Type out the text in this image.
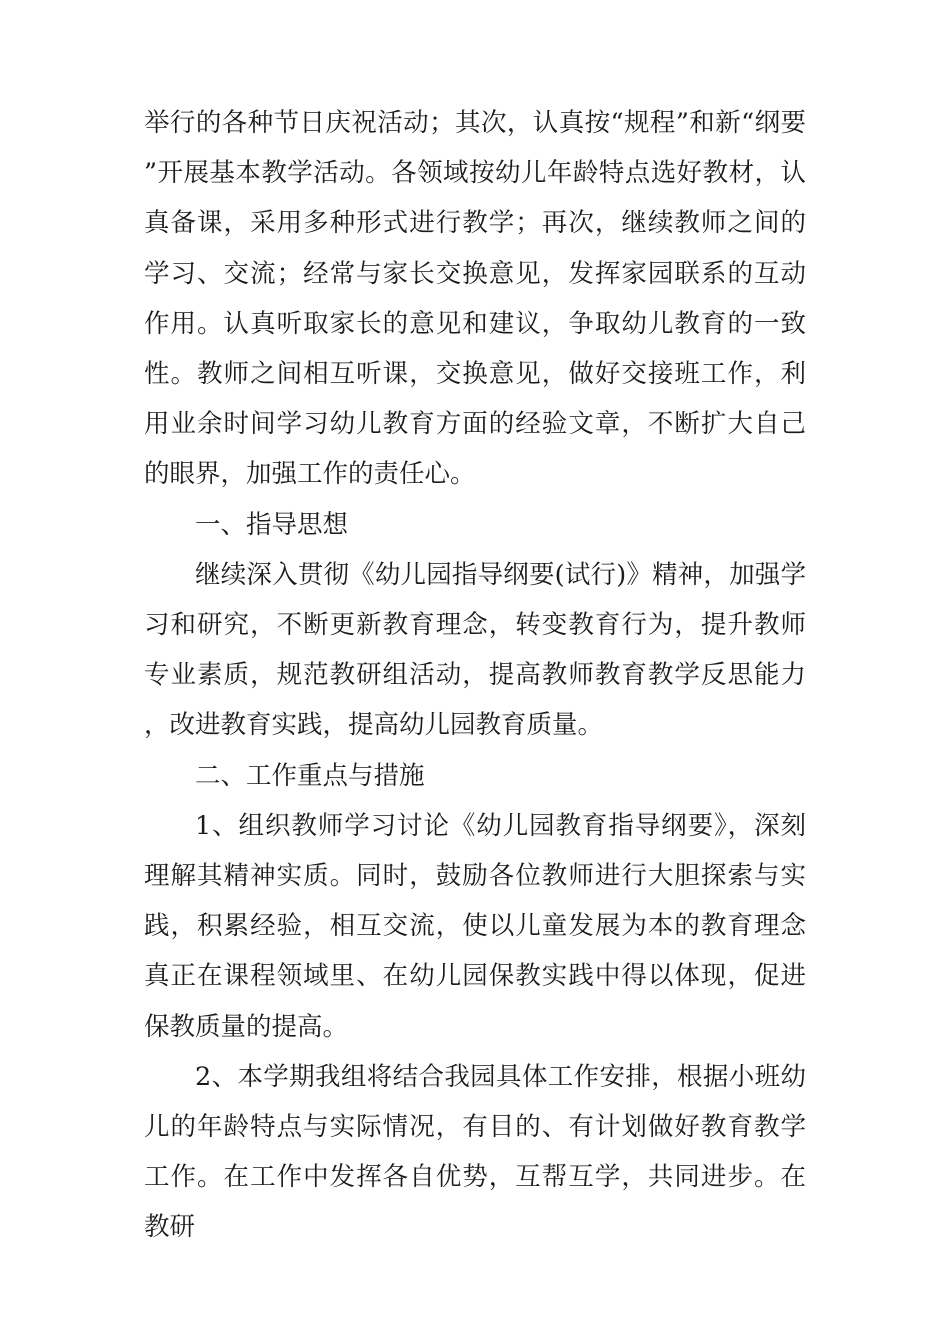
举行的各种节日庆祝活动；其次，认真按“规程”和新“纲要”开展基本教学活动。各领域按幼儿年龄特点选好教材，认真备课，采用多种形式进行教学；再次，继续教师之间的学习、交流；经常与家长交换意见，发挥家园联系的互动作用。认真听取家长的意见和建议，争取幼儿教育的一致性。教师之间相互听课，交换意见，做好交接班工作，利用业余时间学习幼儿教育方面的经验文章，不断扩大自己的眼界，加强工作的责任心。

一、指导思想

继续深入贯彻《幼儿园指导纲要(试行)》精神，加强学习和研究，不断更新教育理念，转变教育行为，提升教师专业素质，规范教研组活动，提高教师教育教学反思能力，改进教育实践，提高幼儿园教育质量。

二、工作重点与措施

1、组织教师学习讨论《幼儿园教育指导纲要》，深刻理解其精神实质。同时，鼓励各位教师进行大胆探索与实践，积累经验，相互交流，使以儿童发展为本的教育理念真正在课程领域里、在幼儿园保教实践中得以体现，促进保教质量的提高。

2、本学期我组将结合我园具体工作安排，根据小班幼儿的年龄特点与实际情况，有目的、有计划做好教育教学工作。在工作中发挥各自优势，互帮互学，共同进步。在教研
